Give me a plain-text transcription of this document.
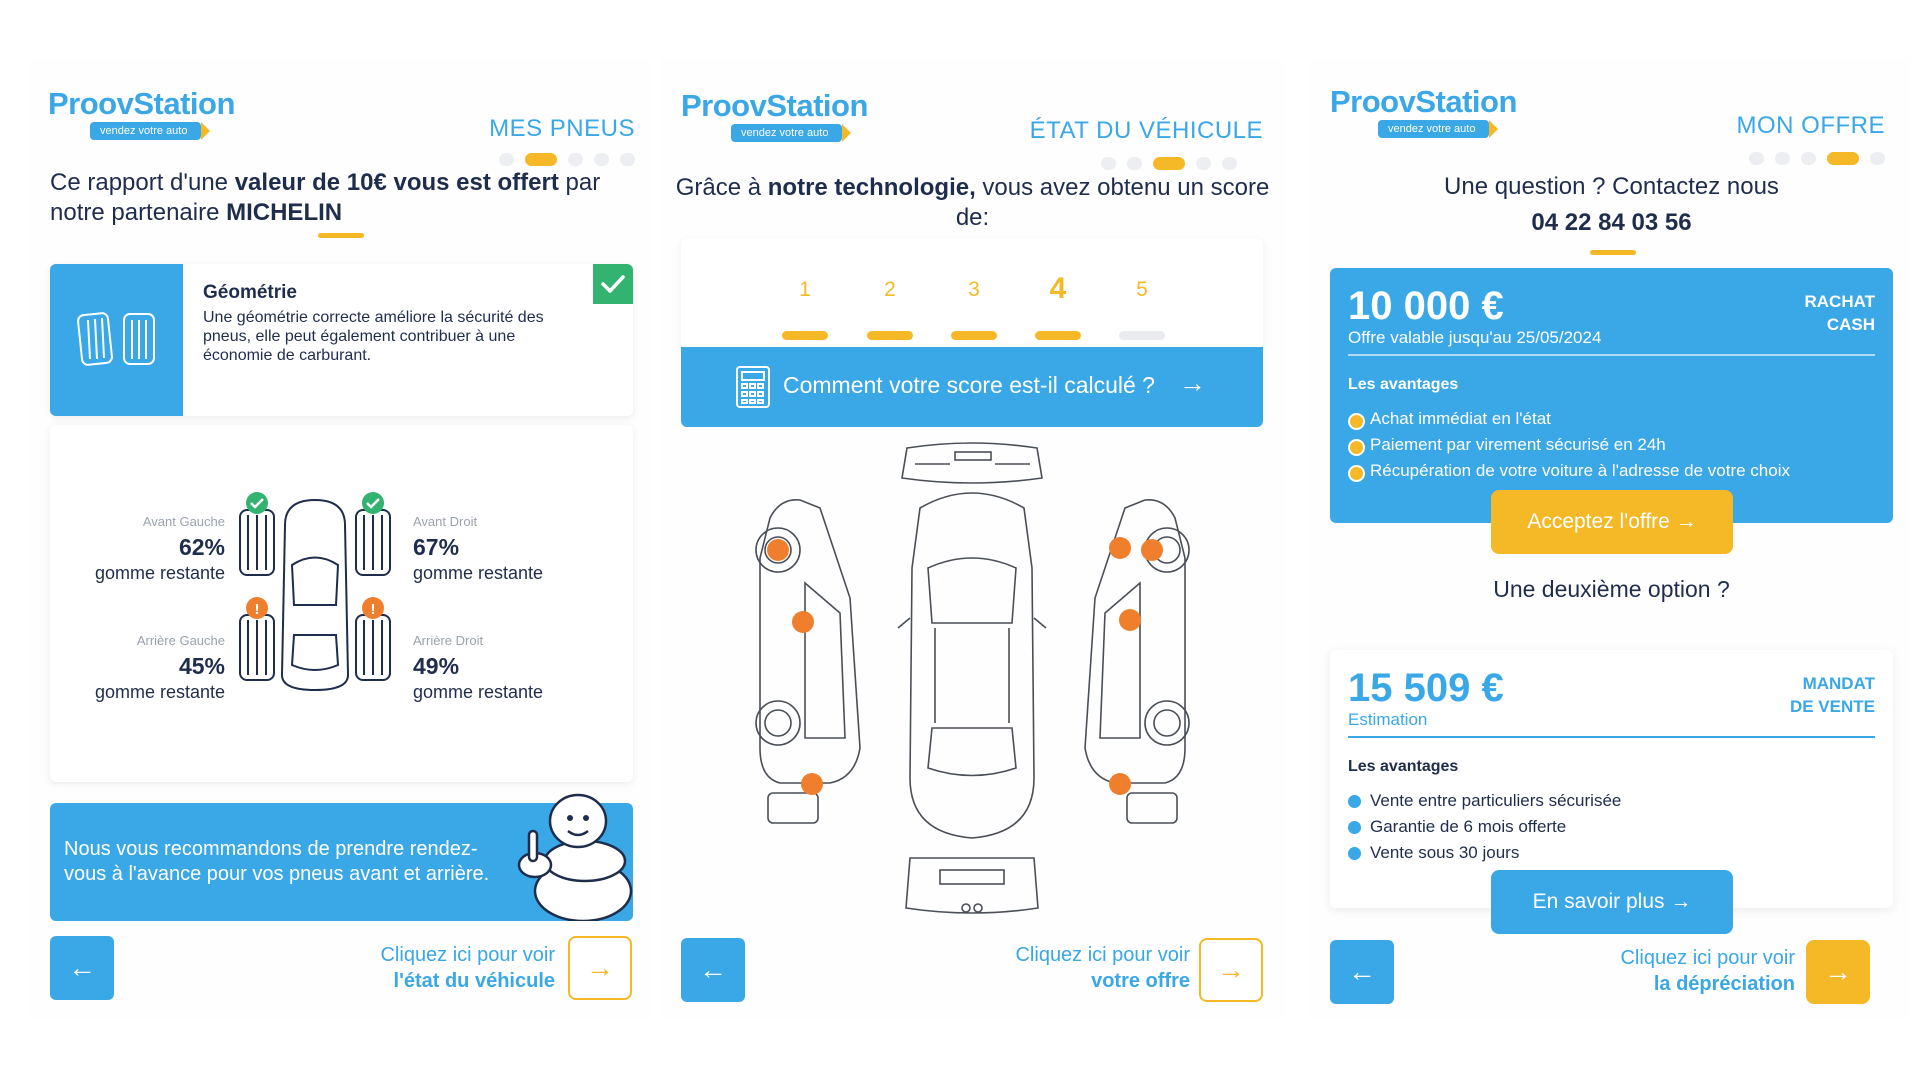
ProovStation
vendez votre auto	MES PNEUS
Ce rapport d'une valeur de 10€ vous est offert par notre partenaire MICHELIN
Géométrie
Une géométrie correcte améliore la sécurité des pneus, elle peut également contribuer à une économie de carburant.
Avant Gauche
62%
gomme restante
Avant Droit
67%
gomme restante
Arrière Gauche
45%
gomme restante
Arrière Droit
49%
gomme restante
!	!
Nous vous recommandons de prendre rendez-vous à l'avance pour vos pneus avant et arrière.
←	Cliquez ici pour voir
l'état du véhicule →
ProovStation
vendez votre auto	ÉTAT DU VÉHICULE
Grâce à notre technologie, vous avez obtenu un score de:
1	2	3	4	5
Comment votre score est-il calculé ? →
←	Cliquez ici pour voir
votre offre →
ProovStation
vendez votre auto	MON OFFRE
Une question ? Contactez nous
04 22 84 03 56
10 000 €
Offre valable jusqu'au 25/05/2024
RACHAT
CASH
Les avantages
Achat immédiat en l'état
Paiement par virement sécurisé en 24h
Récupération de votre voiture à l'adresse de votre choix
Acceptez l'offre →
Une deuxième option ?
15 509 €
Estimation
MANDAT
DE VENTE
Les avantages
Vente entre particuliers sécurisée
Garantie de 6 mois offerte
Vente sous 30 jours
En savoir plus →
←	Cliquez ici pour voir
la dépréciation →
